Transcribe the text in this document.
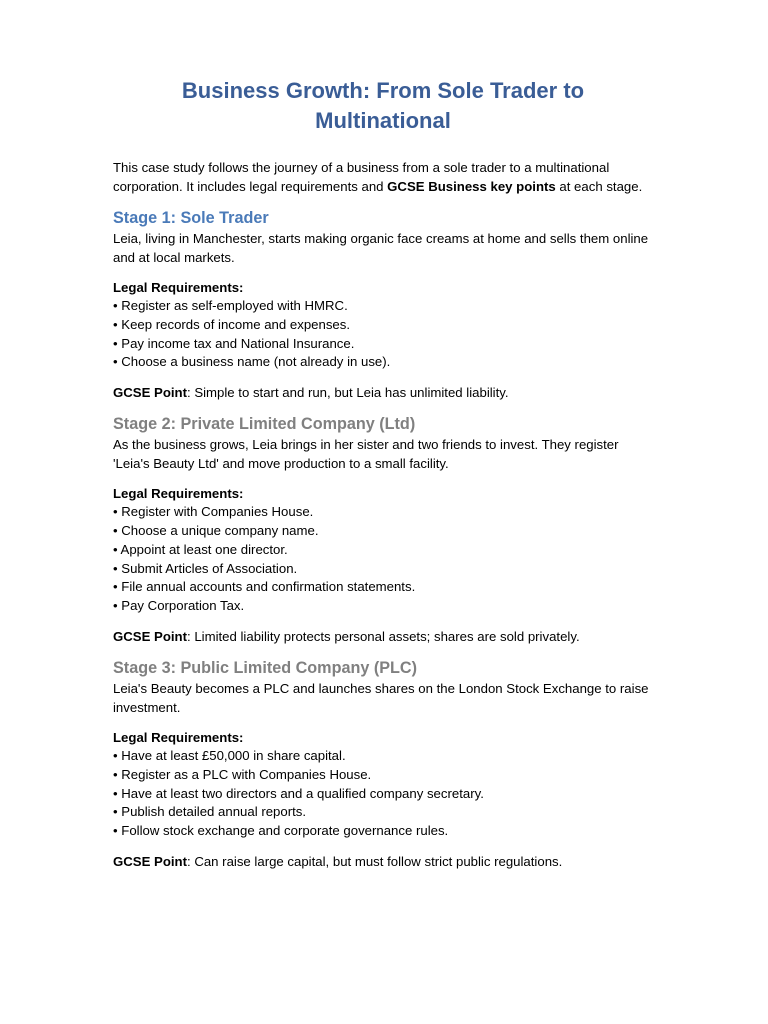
Business Growth: From Sole Trader to
Multinational

This case study follows the journey of a business from a sole trader to a multinational corporation. It includes legal requirements and GCSE Business key points at each stage.

Stage 1: Sole Trader

Leia, living in Manchester, starts making organic face creams at home and sells them online and at local markets.

Legal Requirements:

• Register as self-employed with HMRC.
• Keep records of income and expenses.
• Pay income tax and National Insurance.
• Choose a business name (not already in use).

GCSE Point: Simple to start and run, but Leia has unlimited liability.

Stage 2: Private Limited Company (Ltd)

As the business grows, Leia brings in her sister and two friends to invest. They register 'Leia's Beauty Ltd' and move production to a small facility.

Legal Requirements:

• Register with Companies House.
• Choose a unique company name.
• Appoint at least one director.
• Submit Articles of Association.
• File annual accounts and confirmation statements.
• Pay Corporation Tax.

GCSE Point: Limited liability protects personal assets; shares are sold privately.

Stage 3: Public Limited Company (PLC)

Leia's Beauty becomes a PLC and launches shares on the London Stock Exchange to raise investment.

Legal Requirements:

• Have at least £50,000 in share capital.
• Register as a PLC with Companies House.
• Have at least two directors and a qualified company secretary.
• Publish detailed annual reports.
• Follow stock exchange and corporate governance rules.

GCSE Point: Can raise large capital, but must follow strict public regulations.
